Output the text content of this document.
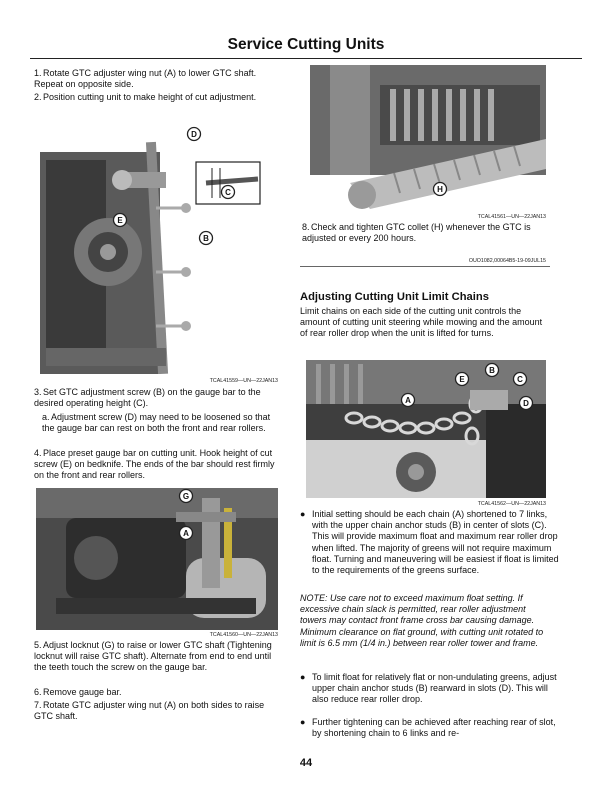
Service Cutting Units

1.Rotate GTC adjuster wing nut (A) to lower GTC shaft. Repeat on opposite side.

2.Position cutting unit to make height of cut adjustment.

D
C
E
B
TCAL41559—UN—22JAN13

3.Set GTC adjustment screw (B) on the gauge bar to the desired operating height (C).

a.Adjustment screw (D) may need to be loosened so that the gauge bar can rest on both the front and rear rollers.

4.Place preset gauge bar on cutting unit. Hook height of cut screw (E) on bedknife. The ends of the bar should rest firmly on the front and rear rollers.

G
A
TCAL41560—UN—22JAN13

5.Adjust locknut (G) to raise or lower GTC shaft (Tightening locknut will raise GTC shaft). Alternate from end to end until the teeth touch the screw on the gauge bar.

6.Remove gauge bar.

7.Rotate GTC adjuster wing nut (A) on both sides to raise GTC shaft.

H
TCAL41561—UN—22JAN13

8.Check and tighten GTC collet (H) whenever the GTC is adjusted or every 200 hours.

OUO1082,00064B5-19-09JUL15
Adjusting Cutting Unit Limit Chains

Limit chains on each side of the cutting unit controls the amount of cutting unit steering while mowing and the amount of rear roller drop when the unit is lifted for turns.

E
B
C
A	D
TCAL41562—UN—22JAN13
● Initial setting should be each chain (A) shortened to 7 links, with the upper chain anchor studs (B) in center of slots (C). This will provide maximum float and maximum rear roller drop when lifted. The majority of greens will not require maximum float. Turning and maneuvering will be easiest if float is limited to the requirements of the greens surface.

NOTE: Use care not to exceed maximum float setting. If excessive chain slack is permitted, rear roller adjustment towers may contact front frame cross bar causing damage. Minimum clearance on flat ground, with cutting unit rotated to limit is 6.5 mm (1/4 in.) between rear roller tower and frame.

● To limit float for relatively flat or non-undulating greens, adjust upper chain anchor studs (B) rearward in slots (D). This will also reduce rear roller drop.
● Further tightening can be achieved after reaching rear of slot, by shortening chain to 6 links and re-
44
